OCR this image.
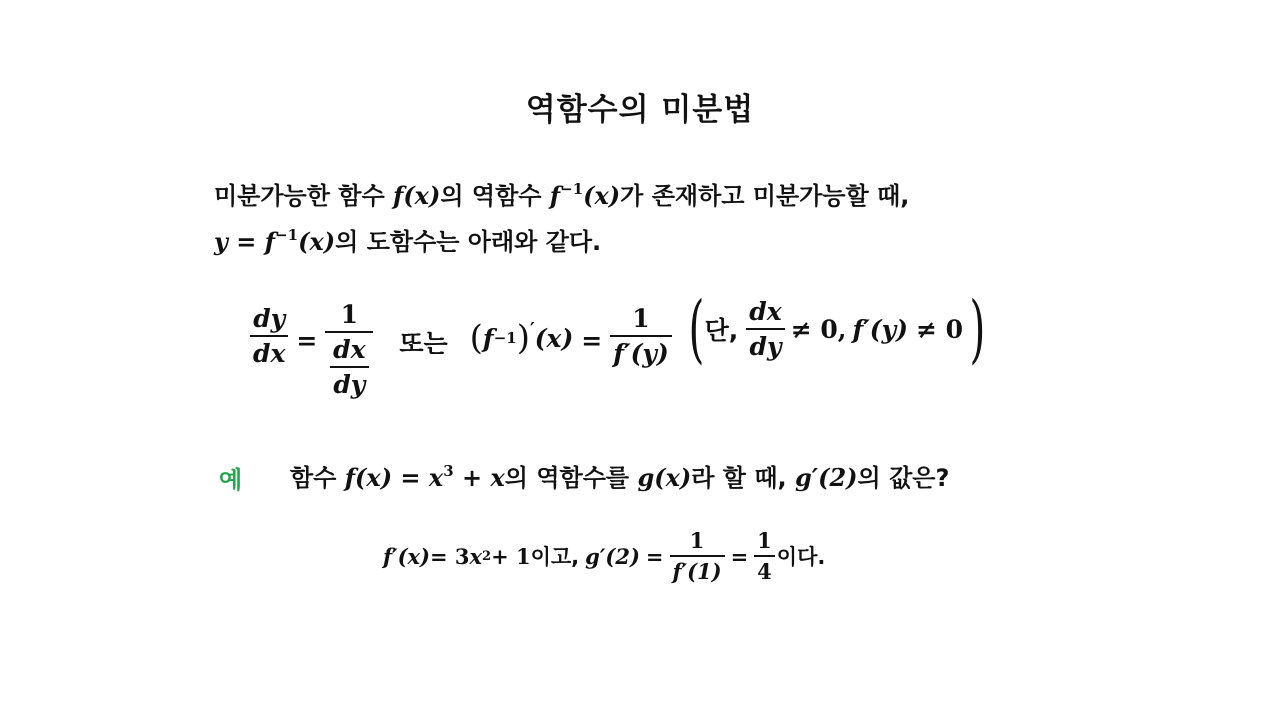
역함수의 미분법
미분가능한 함수 f(x)의 역함수 $f^{-1}(x)$가 존재하고 미분가능할 때,
$y = f^{-1}(x)$의 도함수는 아래와 같다.
$\frac{dy}{dx} = \frac{1}{\frac{dx}{dy}}$ 또는 ( f −1 ) ′ $(x) = \frac{1}{f'(y)}$ ( 단, $\frac{dx}{dy} \ne 0$, f′(y) ≠ 0 )
예 함수 $f(x) = x^3 + x$의 역함수를 g(x)라 할 때, g′(2)의 값은?
f′(x) = 3 x 2 + 1 이고, $g'(2) = \frac{1}{f'(1)} = \frac{1}{4}$ 이다.
